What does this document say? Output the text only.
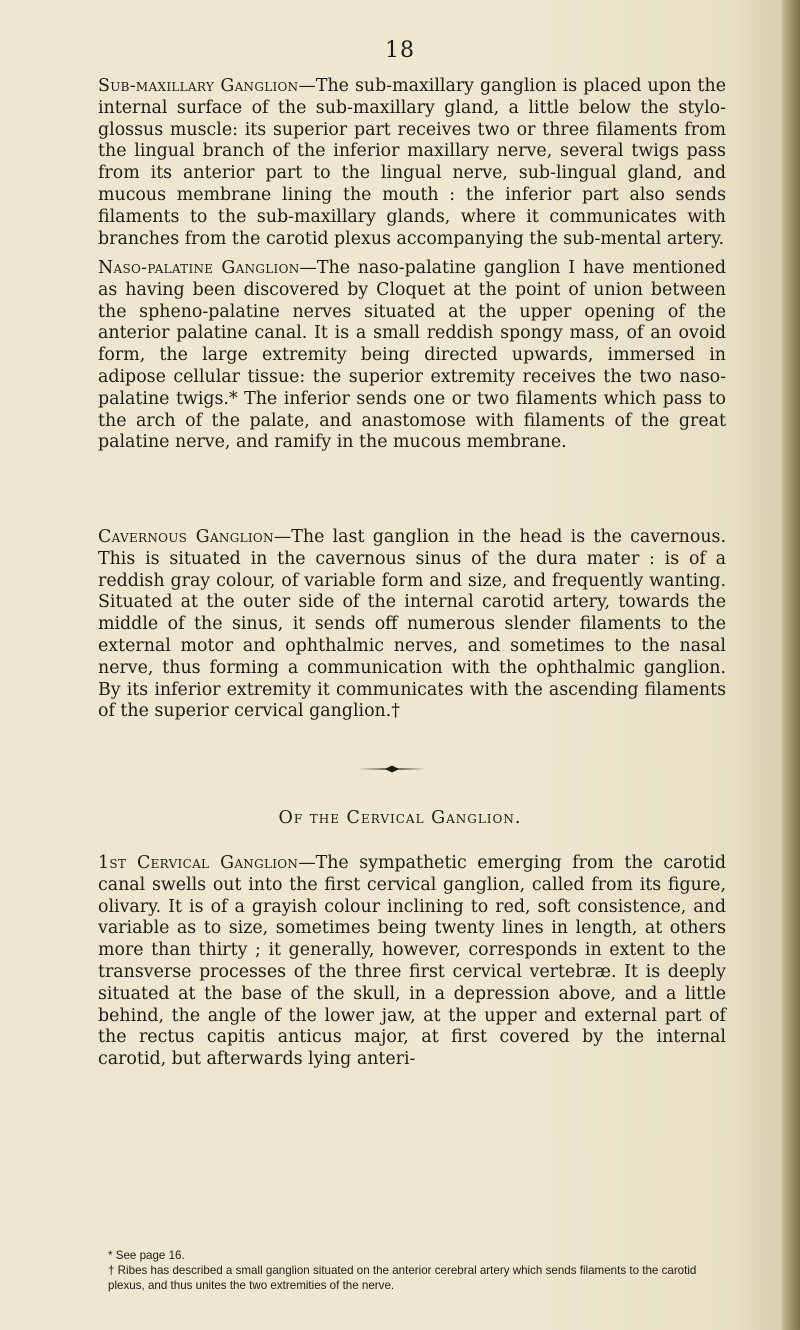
18

Sub-maxillary Ganglion—The sub-maxillary ganglion is placed upon the internal surface of the sub-maxillary gland, a little below the stylo-glossus muscle: its superior part receives two or three filaments from the lingual branch of the inferior maxillary nerve, several twigs pass from its anterior part to the lingual nerve, sub-lingual gland, and mucous membrane lining the mouth : the inferior part also sends filaments to the sub-maxillary glands, where it communicates with branches from the carotid plexus accompanying the sub-mental artery.

Naso-palatine Ganglion—The naso-palatine ganglion I have mentioned as having been discovered by Cloquet at the point of union between the spheno-palatine nerves situated at the upper opening of the anterior palatine canal. It is a small reddish spongy mass, of an ovoid form, the large extremity being directed upwards, immersed in adipose cellular tissue: the superior extremity receives the two naso-palatine twigs.* The inferior sends one or two filaments which pass to the arch of the palate, and anastomose with filaments of the great palatine nerve, and ramify in the mucous membrane.

Cavernous Ganglion—The last ganglion in the head is the cavernous. This is situated in the cavernous sinus of the dura mater : is of a reddish gray colour, of variable form and size, and frequently wanting. Situated at the outer side of the internal carotid artery, towards the middle of the sinus, it sends off numerous slender filaments to the external motor and ophthalmic nerves, and sometimes to the nasal nerve, thus forming a communication with the ophthalmic ganglion. By its inferior extremity it communicates with the ascending filaments of the superior cervical ganglion.†

Of the Cervical Ganglion.

1st Cervical Ganglion—The sympathetic emerging from the carotid canal swells out into the first cervical ganglion, called from its figure, olivary. It is of a grayish colour inclining to red, soft consistence, and variable as to size, sometimes being twenty lines in length, at others more than thirty ; it generally, however, corresponds in extent to the transverse processes of the three first cervical vertebræ. It is deeply situated at the base of the skull, in a depression above, and a little behind, the angle of the lower jaw, at the upper and external part of the rectus capitis anticus major, at first covered by the internal carotid, but afterwards lying anteri-

* See page 16.

† Ribes has described a small ganglion situated on the anterior cerebral artery which sends filaments to the carotid plexus, and thus unites the two extremities of the nerve.
